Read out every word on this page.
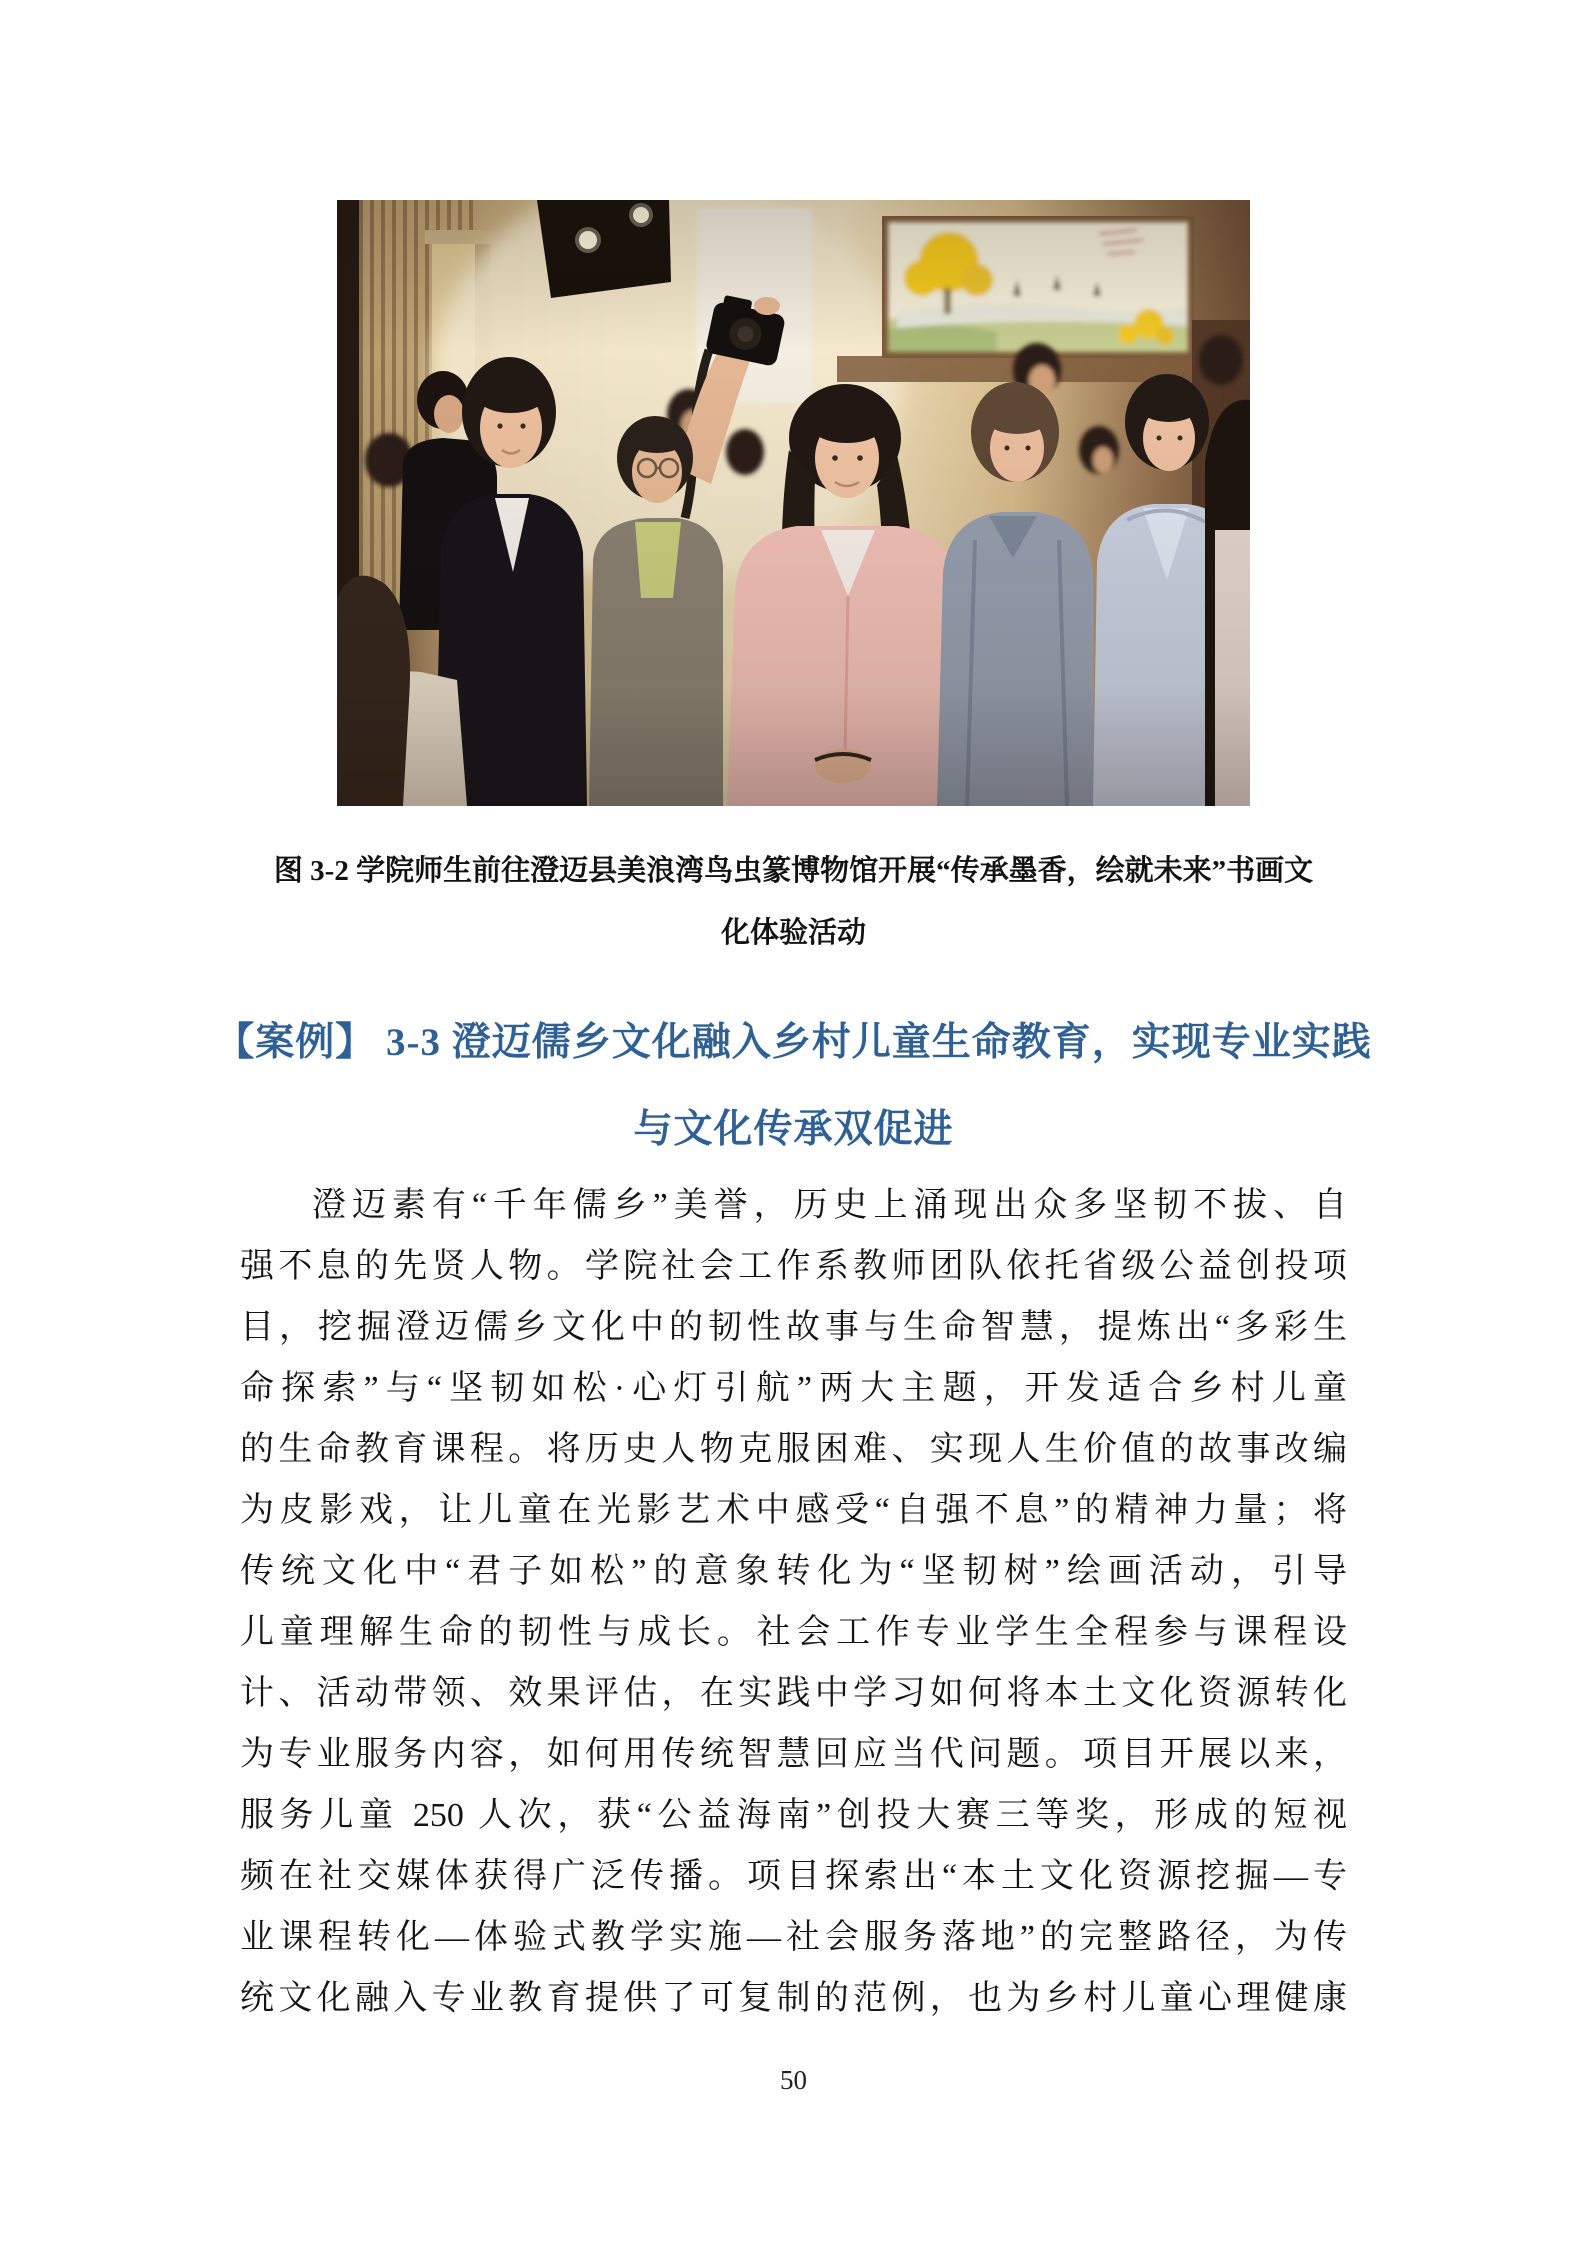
图 3-2 学院师生前往澄迈县美浪湾鸟虫篆博物馆开展“传承墨香，绘就未来”书画文
化体验活动
【案例】 3-3 澄迈儒乡文化融入乡村儿童生命教育，实现专业实践
与文化传承双促进
澄迈素有“千年儒乡”美誉，历史上涌现出众多坚韧不拔、自
强不息的先贤人物。学院社会工作系教师团队依托省级公益创投项
目，挖掘澄迈儒乡文化中的韧性故事与生命智慧，提炼出“多彩生
命探索”与“坚韧如松·心灯引航”两大主题，开发适合乡村儿童
的生命教育课程。将历史人物克服困难、实现人生价值的故事改编
为皮影戏，让儿童在光影艺术中感受“自强不息”的精神力量；将
传统文化中“君子如松”的意象转化为“坚韧树”绘画活动，引导
儿童理解生命的韧性与成长。社会工作专业学生全程参与课程设
计、活动带领、效果评估，在实践中学习如何将本土文化资源转化
为专业服务内容，如何用传统智慧回应当代问题。项目开展以来，
服务儿童 250 人次，获“公益海南”创投大赛三等奖，形成的短视
频在社交媒体获得广泛传播。项目探索出“本土文化资源挖掘—专
业课程转化—体验式教学实施—社会服务落地”的完整路径，为传
统文化融入专业教育提供了可复制的范例，也为乡村儿童心理健康
50
